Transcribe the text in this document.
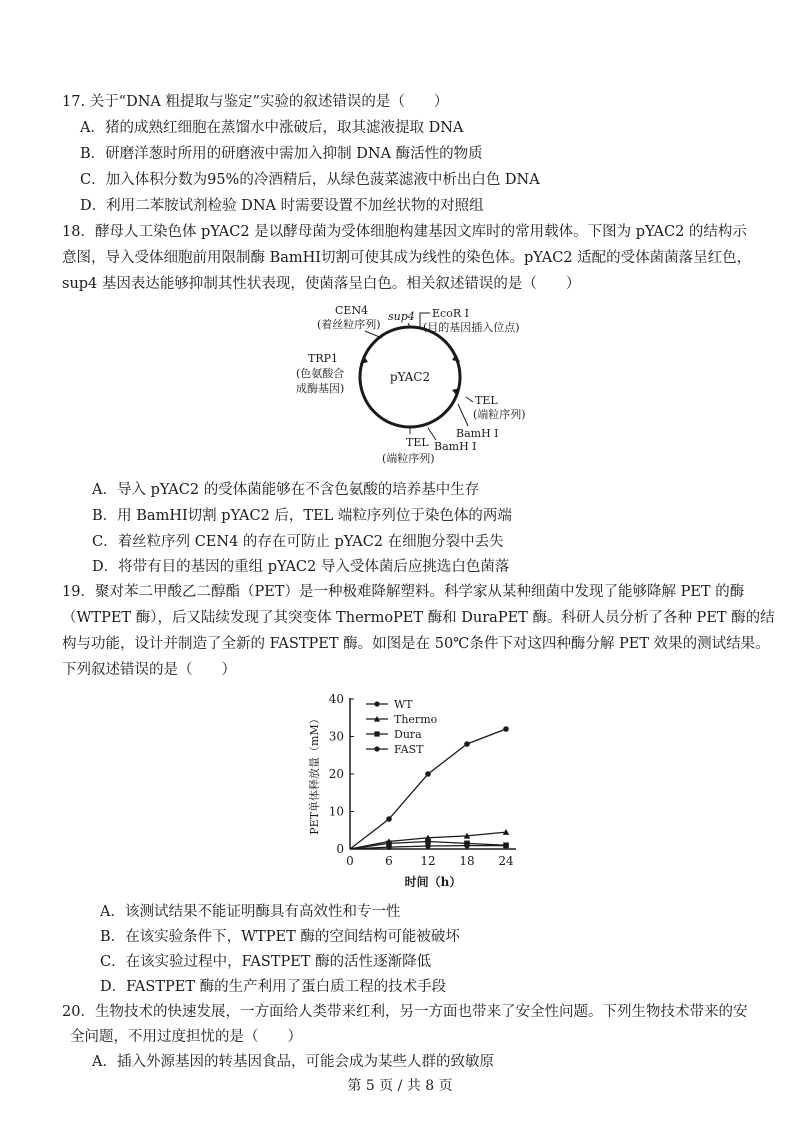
17. 关于“DNA 粗提取与鉴定”实验的叙述错误的是（　　）
A．猪的成熟红细胞在蒸馏水中涨破后，取其滤液提取 DNA
B．研磨洋葱时所用的研磨液中需加入抑制 DNA 酶活性的物质
C．加入体积分数为95%的冷酒精后，从绿色菠菜滤液中析出白色 DNA
D．利用二苯胺试剂检验 DNA 时需要设置不加丝状物的对照组
18．酵母人工染色体 pYAC2 是以酵母菌为受体细胞构建基因文库时的常用载体。下图为 pYAC2 的结构示
意图，导入受体细胞前用限制酶 BamHI切割可使其成为线性的染色体。pYAC2 适配的受体菌菌落呈红色，
sup4 基因表达能够抑制其性状表现，使菌落呈白色。相关叙述错误的是（　　）
pYAC2
CEN4
(着丝粒序列)
sup4 EcoR Ⅰ
(目的基因插入位点)
TRP1
(色氨酸合
成酶基因)
TEL
(端粒序列)
BamH Ⅰ
TEL BamH Ⅰ
(端粒序列)
A．导入 pYAC2 的受体菌能够在不含色氨酸的培养基中生存
B．用 BamHI切割 pYAC2 后，TEL 端粒序列位于染色体的两端
C．着丝粒序列 CEN4 的存在可防止 pYAC2 在细胞分裂中丢失
D．将带有目的基因的重组 pYAC2 导入受体菌后应挑选白色菌落
19．聚对苯二甲酸乙二醇酯（PET）是一种极难降解塑料。科学家从某种细菌中发现了能够降解 PET 的酶
（WTPET 酶），后又陆续发现了其突变体 ThermoPET 酶和 DuraPET 酶。科研人员分析了各种 PET 酶的结
构与功能，设计并制造了全新的 FASTPET 酶。如图是在 50℃条件下对这四种酶分解 PET 效果的测试结果。
下列叙述错误的是（　　）
PET单体释放量（mM）
时间（h）
0
10
20
30
40
0	6 12 18 24
WT
Thermo
Dura
FAST
A．该测试结果不能证明酶具有高效性和专一性
B．在该实验条件下，WTPET 酶的空间结构可能被破坏
C．在该实验过程中，FASTPET 酶的活性逐渐降低
D．FASTPET 酶的生产利用了蛋白质工程的技术手段
20．生物技术的快速发展，一方面给人类带来红利，另一方面也带来了安全性问题。下列生物技术带来的安
全问题，不用过度担忧的是（　　）
A．插入外源基因的转基因食品，可能会成为某些人群的致敏原
第 5 页 / 共 8 页
